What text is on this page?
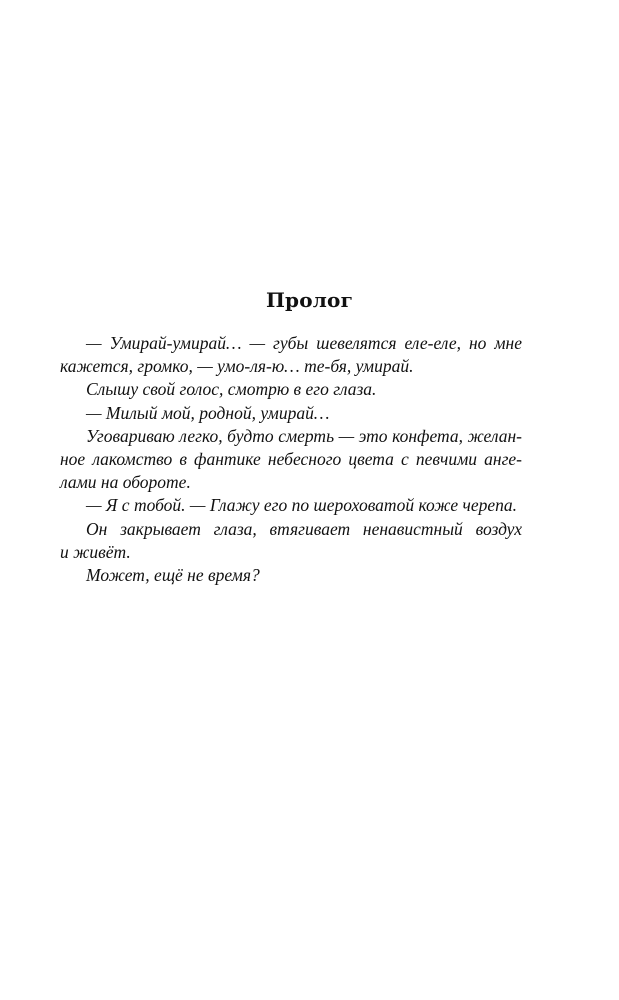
Пролог
— Умирай-умирай… — губы шевелятся еле-еле, но мне
кажется, громко, — умо-ля-ю… те-бя, умирай.
Слышу свой голос, смотрю в его глаза.
— Милый мой, родной, умирай…
Уговариваю легко, будто смерть — это конфета, желан-
ное лакомство в фантике небесного цвета с певчими анге-
лами на обороте.
— Я с тобой. — Глажу его по шероховатой коже черепа.
Он закрывает глаза, втягивает ненавистный воздух
и живёт.
Может, ещё не время?
